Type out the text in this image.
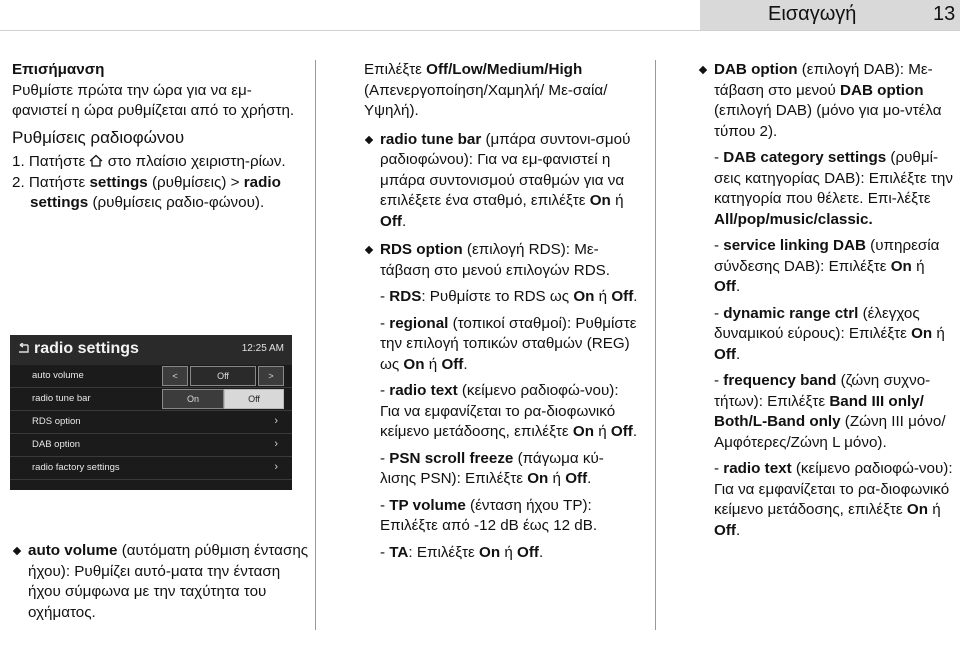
Εισαγωγή	13

Επισήμανση

Ρυθμίστε πρώτα την ώρα για να εμ-φανιστεί η ώρα ρυθμίζεται από το χρήστη.

Ρυθμίσεις ραδιοφώνου

1. Πατήστε στο πλαίσιο χειριστη-ρίων.

2. Πατήστε settings (ρυθμίσεις) > radio settings (ρυθμίσεις ραδιο-φώνου).

auto volume (αυτόματη ρύθμιση έντασης ήχου): Ρυθμίζει αυτό-ματα την ένταση ήχου σύμφωνα με την ταχύτητα του οχήματος.

radio settings	12:25 AM
auto volume	<	Off	>
radio tune bar	On	Off
RDS option	›
DAB option	›
radio factory settings	›

Επιλέξτε Off/Low/Medium/High (Απενεργοποίηση/Χαμηλή/ Με-σαία/Υψηλή).

radio tune bar (μπάρα συντονι-σμού ραδιοφώνου): Για να εμ-φανιστεί η μπάρα συντονισμού σταθμών για να επιλέξετε ένα σταθμό, επιλέξτε On ή Off.

RDS option (επιλογή RDS): Με-τάβαση στο μενού επιλογών RDS.

- RDS: Ρυθμίστε το RDS ως On ή Off.

- regional (τοπικοί σταθμοί): Ρυθμίστε την επιλογή τοπικών σταθμών (REG) ως On ή Off.

- radio text (κείμενο ραδιοφώ-νου): Για να εμφανίζεται το ρα-διοφωνικό κείμενο μετάδοσης, επιλέξτε On ή Off.

- PSN scroll freeze (πάγωμα κύ-λισης PSN): Επιλέξτε On ή Off.

- TP volume (ένταση ήχου TP): Επιλέξτε από -12 dB έως 12 dB.

- TA: Επιλέξτε On ή Off.

DAB option (επιλογή DAB): Με-τάβαση στο μενού DAB option (επιλογή DAB) (μόνο για μο-ντέλα τύπου 2).

- DAB category settings (ρυθμί-σεις κατηγορίας DAB): Επιλέξτε την κατηγορία που θέλετε. Επι-λέξτε All/pop/music/classic.

- service linking DAB (υπηρεσία σύνδεσης DAB): Επιλέξτε On ή Off.

- dynamic range ctrl (έλεγχος δυναμικού εύρους): Επιλέξτε On ή Off.

- frequency band (ζώνη συχνο-τήτων): Επιλέξτε Band III only/ Both/L-Band only (Ζώνη III μόνο/Αμφότερες/Ζώνη L μόνο).

- radio text (κείμενο ραδιοφώ-νου): Για να εμφανίζεται το ρα-διοφωνικό κείμενο μετάδοσης, επιλέξτε On ή Off.
